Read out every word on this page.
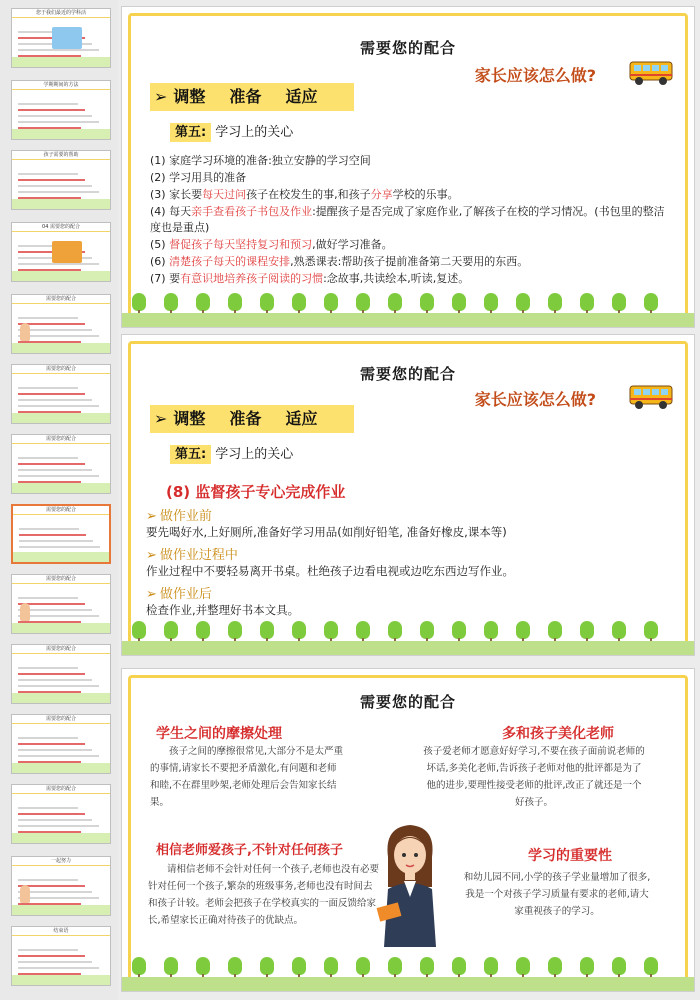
您于我们最近的学科活
学期期间的方法
孩子需要的帮助
04 需要您的配合
需要您的配合
需要您的配合
需要您的配合
需要您的配合
需要您的配合
需要您的配合
需要您的配合
需要您的配合
一起努力
结束语
需要您的配合
家长应该怎么做?
➢ 调整 准备 适应
第五: 学习上的关心
(1) 家庭学习环境的准备:独立安静的学习空间
(2) 学习用具的准备
(3) 家长要每天过问孩子在校发生的事,和孩子分享学校的乐事。
(4) 每天亲手查看孩子书包及作业:提醒孩子是否完成了家庭作业,了解孩子在校的学习情况。(书包里的整洁度也是重点)
(5) 督促孩子每天坚持复习和预习,做好学习准备。
(6) 清楚孩子每天的课程安排,熟悉课表:帮助孩子提前准备第二天要用的东西。
(7) 要有意识地培养孩子阅读的习惯:念故事,共读绘本,听读,复述。
需要您的配合
家长应该怎么做?
➢ 调整 准备 适应
第五: 学习上的关心
(8) 监督孩子专心完成作业
➢ 做作业前
要先喝好水,上好厕所,准备好学习用品(如削好铅笔, 准备好橡皮,课本等)
➢ 做作业过程中
作业过程中不要轻易离开书桌。杜绝孩子边看电视或边吃东西边写作业。
➢ 做作业后
检查作业,并整理好书本文具。
需要您的配合
学生之间的摩擦处理
孩子之间的摩擦很常见,大部分不是太严重的事情,请家长不要把矛盾激化,有问题和老师和睦,不在群里吵架,老师处理后会告知家长结果。
多和孩子美化老师
孩子爱老师才愿意好好学习,不要在孩子面前说老师的坏话,多美化老师,告诉孩子老师对他的批评都是为了他的进步,要理性接受老师的批评,改正了就还是一个好孩子。
相信老师爱孩子,不针对任何孩子
请相信老师不会针对任何一个孩子,老师也没有必要针对任何一个孩子,繁杂的班级事务,老师也没有时间去和孩子计较。老师会把孩子在学校真实的一面反馈给家长,希望家长正确对待孩子的优缺点。
学习的重要性
和幼儿园不同,小学的孩子学业量增加了很多,我是一个对孩子学习质量有要求的老师,请大家重视孩子的学习。
